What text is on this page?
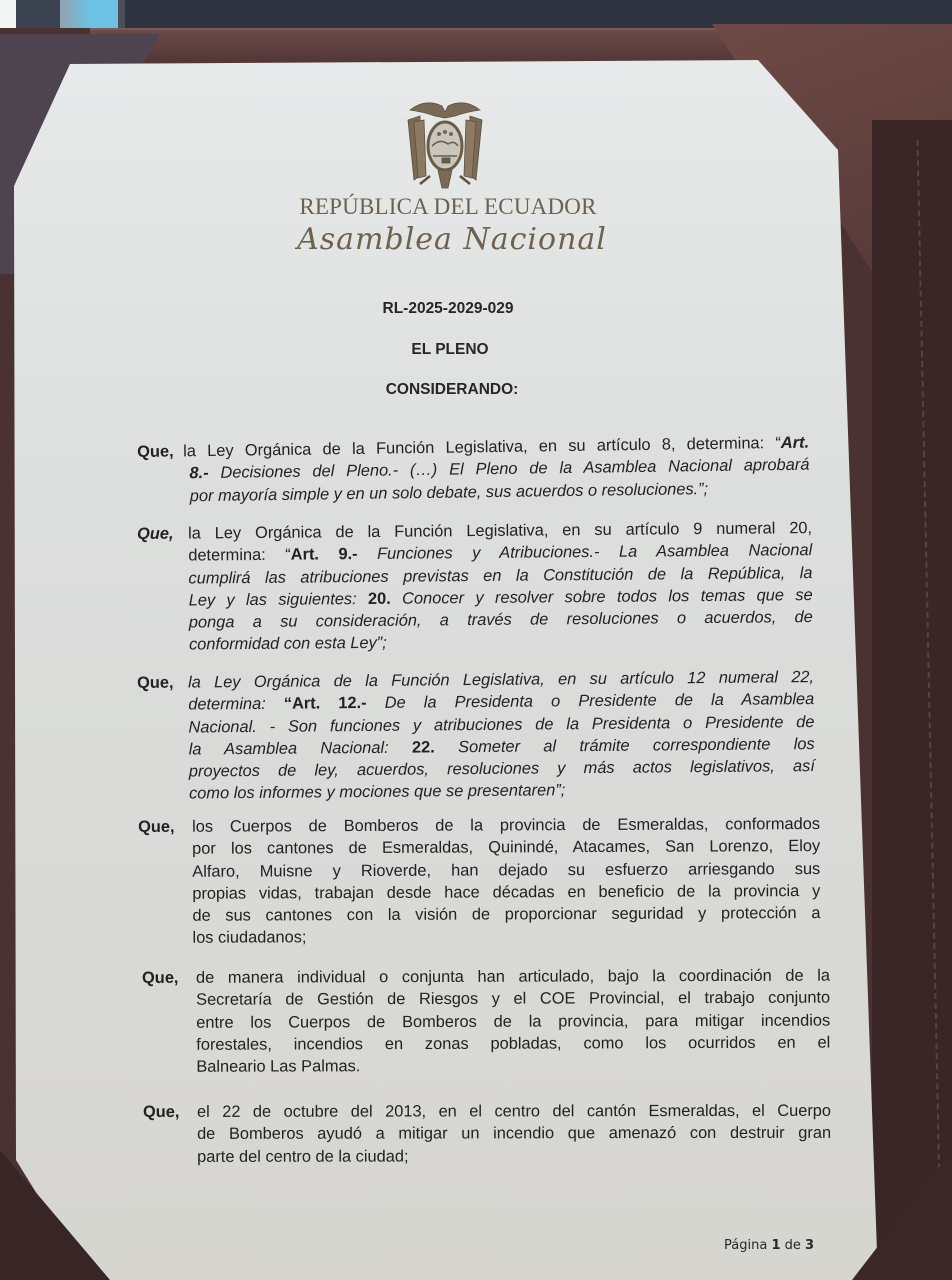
REPÚBLICA DEL ECUADOR
Asamblea Nacional
RL-2025-2029-029
EL PLENO
CONSIDERANDO:
Que, la Ley Orgánica de la Función Legislativa, en su artículo 8, determina: “Art.
8.- Decisiones del Pleno.- (…) El Pleno de la Asamblea Nacional aprobará
por mayoría simple y en un solo debate, sus acuerdos o resoluciones.”;
Que, la Ley Orgánica de la Función Legislativa, en su artículo 9 numeral 20,
determina: “Art. 9.- Funciones y Atribuciones.- La Asamblea Nacional
cumplirá las atribuciones previstas en la Constitución de la República, la
Ley y las siguientes: 20. Conocer y resolver sobre todos los temas que se
ponga a su consideración, a través de resoluciones o acuerdos, de
conformidad con esta Ley”;
Que, la Ley Orgánica de la Función Legislativa, en su artículo 12 numeral 22,
determina: “Art. 12.- De la Presidenta o Presidente de la Asamblea
Nacional. - Son funciones y atribuciones de la Presidenta o Presidente de
la Asamblea Nacional: 22. Someter al trámite correspondiente los
proyectos de ley, acuerdos, resoluciones y más actos legislativos, así
como los informes y mociones que se presentaren”;
Que, los Cuerpos de Bomberos de la provincia de Esmeraldas, conformados
por los cantones de Esmeraldas, Quinindé, Atacames, San Lorenzo, Eloy
Alfaro, Muisne y Rioverde, han dejado su esfuerzo arriesgando sus
propias vidas, trabajan desde hace décadas en beneficio de la provincia y
de sus cantones con la visión de proporcionar seguridad y protección a
los ciudadanos;
Que, de manera individual o conjunta han articulado, bajo la coordinación de la
Secretaría de Gestión de Riesgos y el COE Provincial, el trabajo conjunto
entre los Cuerpos de Bomberos de la provincia, para mitigar incendios
forestales, incendios en zonas pobladas, como los ocurridos en el
Balneario Las Palmas.
Que, el 22 de octubre del 2013, en el centro del cantón Esmeraldas, el Cuerpo
de Bomberos ayudó a mitigar un incendio que amenazó con destruir gran
parte del centro de la ciudad;
Página 1 de 3
